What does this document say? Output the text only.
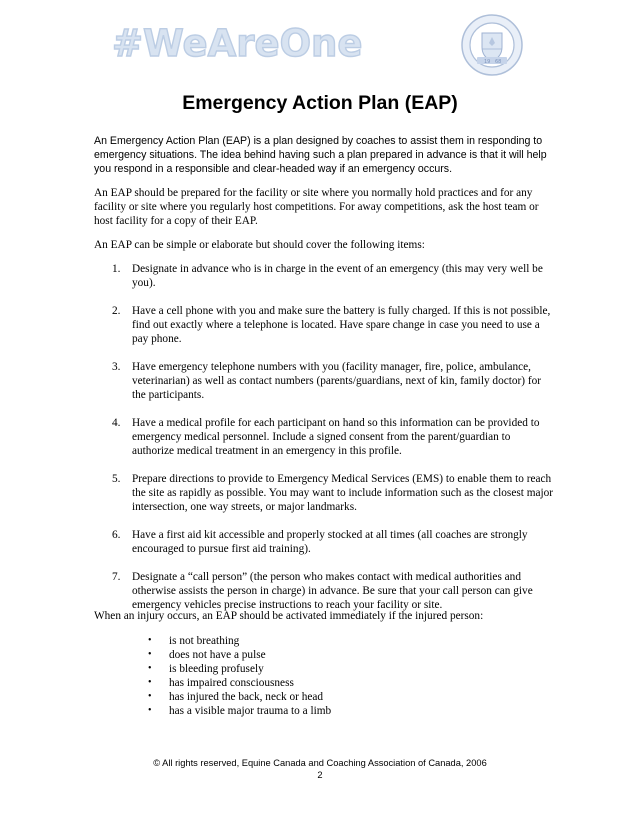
#WeAreOne	19 68
Emergency Action Plan (EAP)

An Emergency Action Plan (EAP) is a plan designed by coaches to assist them in responding to emergency situations. The idea behind having such a plan prepared in advance is that it will help you respond in a responsible and clear-headed way if an emergency occurs.

An EAP should be prepared for the facility or site where you normally hold practices and for any facility or site where you regularly host competitions. For away competitions, ask the host team or host facility for a copy of their EAP.

An EAP can be simple or elaborate but should cover the following items:

1. Designate in advance who is in charge in the event of an emergency (this may very well be you).
2. Have a cell phone with you and make sure the battery is fully charged. If this is not possible, find out exactly where a telephone is located. Have spare change in case you need to use a pay phone.
3. Have emergency telephone numbers with you (facility manager, fire, police, ambulance, veterinarian) as well as contact numbers (parents/guardians, next of kin, family doctor) for the participants.
4. Have a medical profile for each participant on hand so this information can be provided to emergency medical personnel. Include a signed consent from the parent/guardian to authorize medical treatment in an emergency in this profile.
5. Prepare directions to provide to Emergency Medical Services (EMS) to enable them to reach the site as rapidly as possible. You may want to include information such as the closest major intersection, one way streets, or major landmarks.
6. Have a first aid kit accessible and properly stocked at all times (all coaches are strongly encouraged to pursue first aid training).
7. Designate a “call person” (the person who makes contact with medical authorities and otherwise assists the person in charge) in advance. Be sure that your call person can give emergency vehicles precise instructions to reach your facility or site.

When an injury occurs, an EAP should be activated immediately if the injured person:

• is not breathing
• does not have a pulse
• is bleeding profusely
• has impaired consciousness
• has injured the back, neck or head
• has a visible major trauma to a limb
© All rights reserved, Equine Canada and Coaching Association of Canada, 2006
2
